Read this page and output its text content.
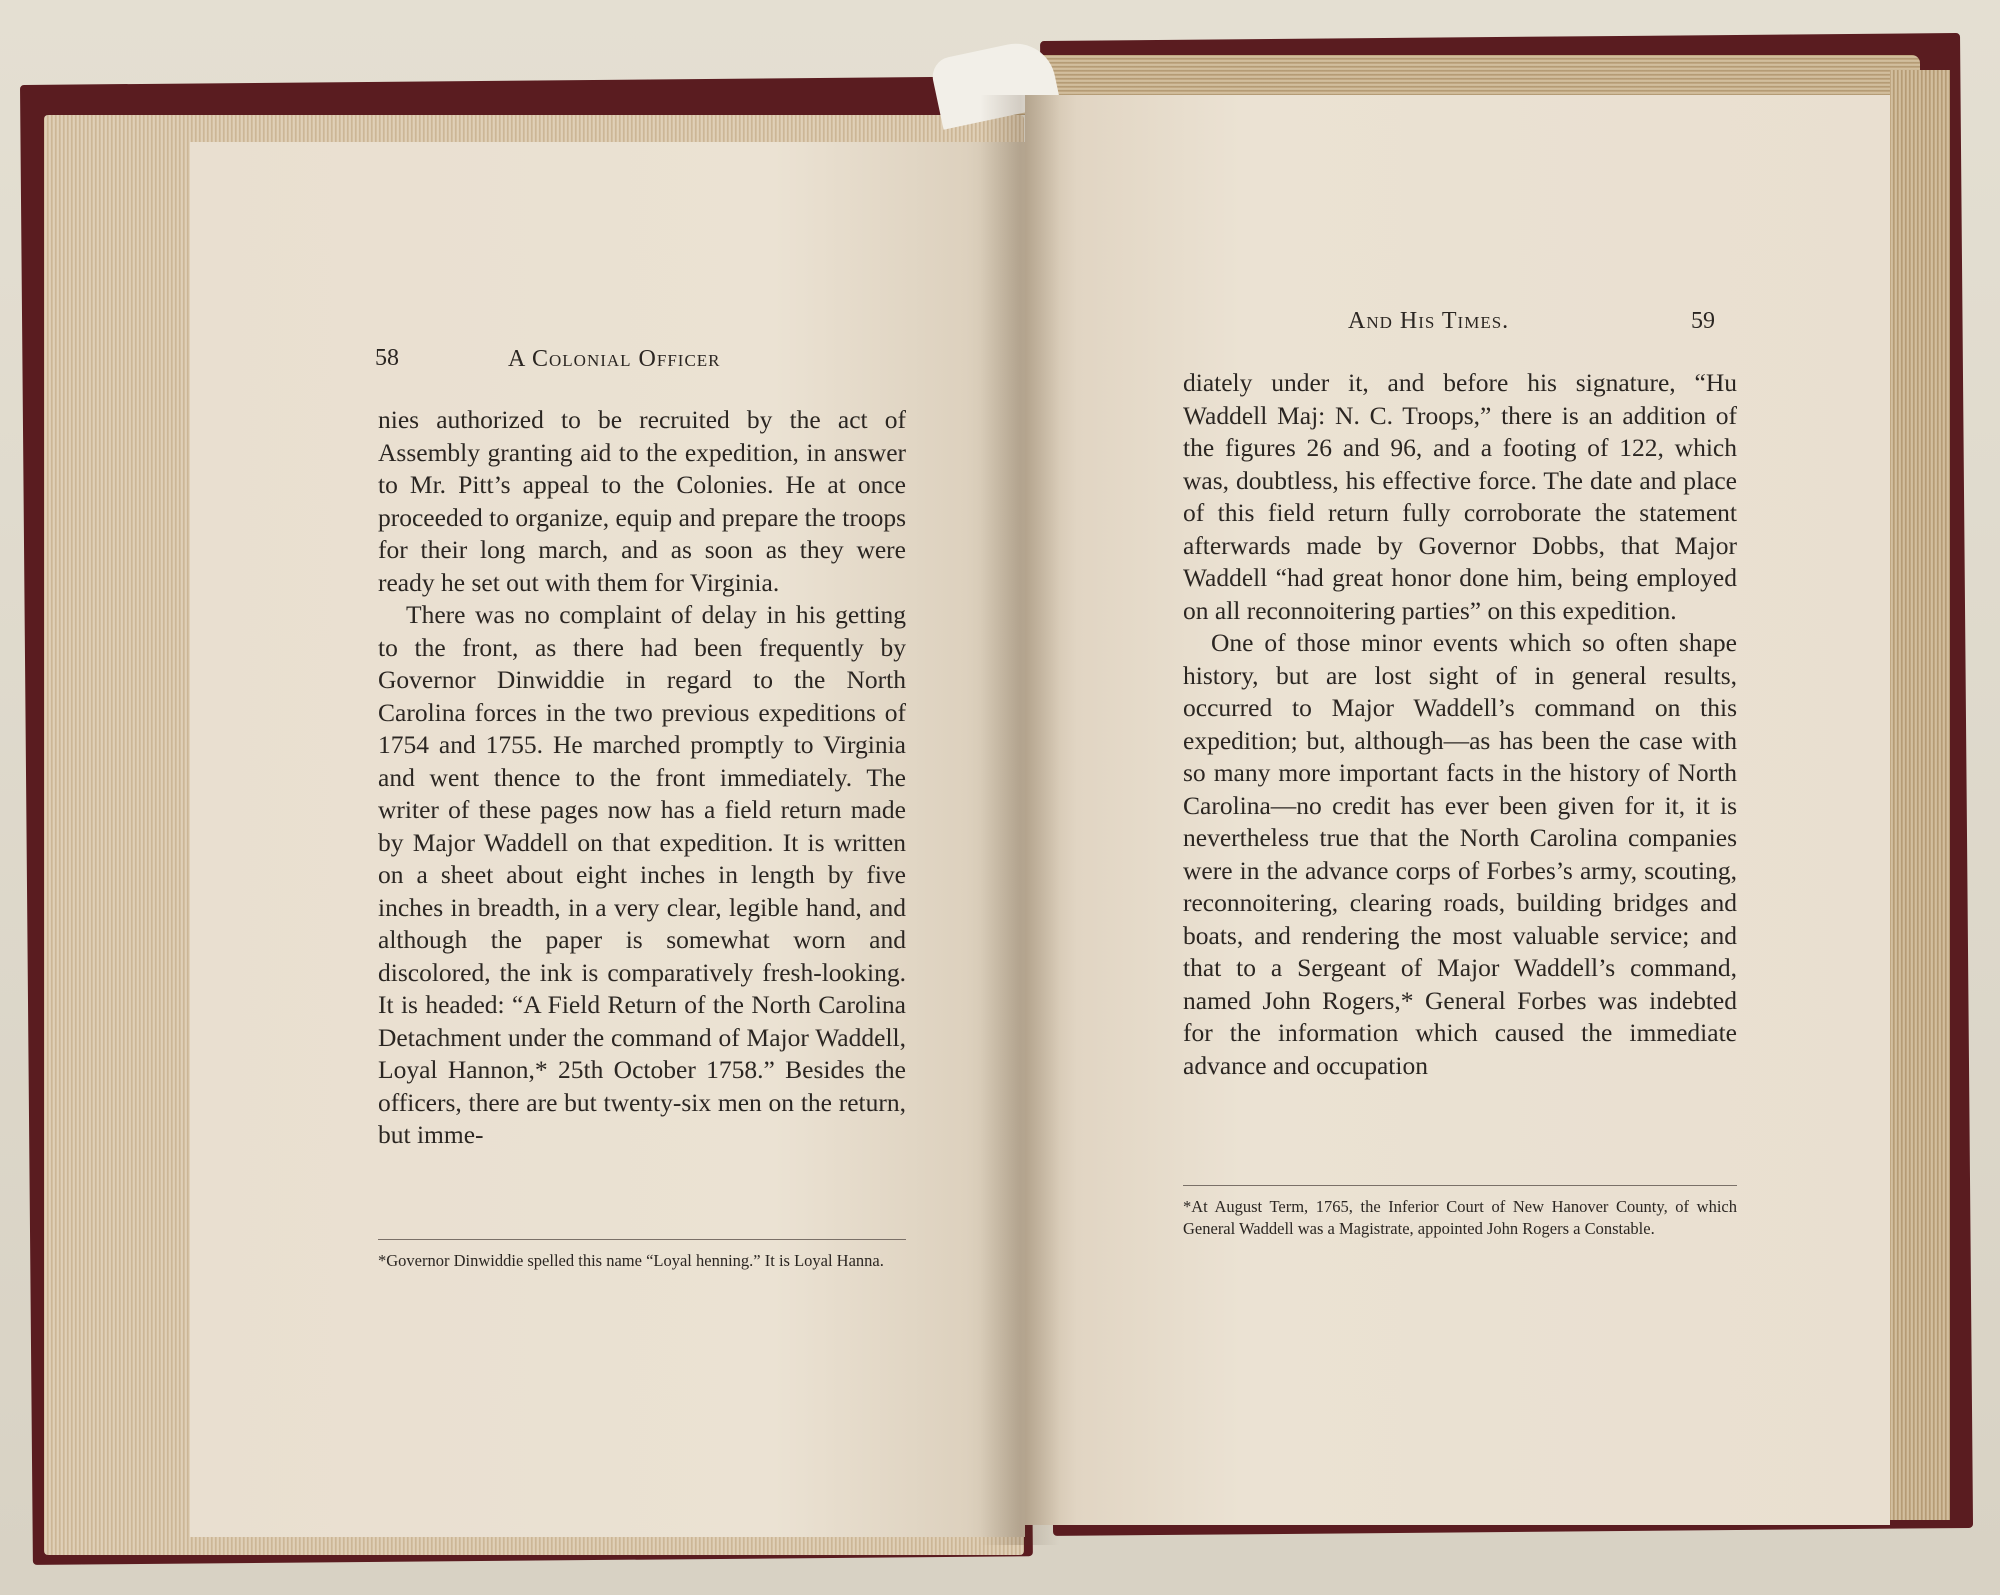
58	A Colonial Officer

nies authorized to be recruited by the act of Assembly granting aid to the expedition, in answer to Mr. Pitt’s appeal to the Colonies. He at once proceeded to organize, equip and prepare the troops for their long march, and as soon as they were ready he set out with them for Virginia.

There was no complaint of delay in his getting to the front, as there had been frequently by Governor Dinwiddie in regard to the North Carolina forces in the two previous expeditions of 1754 and 1755. He marched promptly to Virginia and went thence to the front immediately. The writer of these pages now has a field return made by Major Waddell on that expedition. It is written on a sheet about eight inches in length by five inches in breadth, in a very clear, legible hand, and although the paper is somewhat worn and discolored, the ink is comparatively fresh-looking. It is headed: “A Field Return of the North Carolina Detachment under the command of Major Waddell, Loyal Hannon,* 25th October 1758.” Besides the officers, there are but twenty-six men on the return, but imme-

*Governor Dinwiddie spelled this name “Loyal henning.” It is Loyal Hanna.
And His Times.	59

diately under it, and before his signature, “Hu Waddell Maj: N. C. Troops,” there is an addition of the figures 26 and 96, and a footing of 122, which was, doubtless, his effective force. The date and place of this field return fully corroborate the statement afterwards made by Governor Dobbs, that Major Waddell “had great honor done him, being employed on all reconnoitering parties” on this expedition.

One of those minor events which so often shape history, but are lost sight of in general results, occurred to Major Waddell’s command on this expedition; but, although—as has been the case with so many more important facts in the history of North Carolina—no credit has ever been given for it, it is nevertheless true that the North Carolina companies were in the advance corps of Forbes’s army, scouting, reconnoitering, clearing roads, building bridges and boats, and rendering the most valuable service; and that to a Sergeant of Major Waddell’s command, named John Rogers,* General Forbes was indebted for the information which caused the immediate advance and occupation

*At August Term, 1765, the Inferior Court of New Hanover County, of which General Waddell was a Magistrate, appointed John Rogers a Constable.
